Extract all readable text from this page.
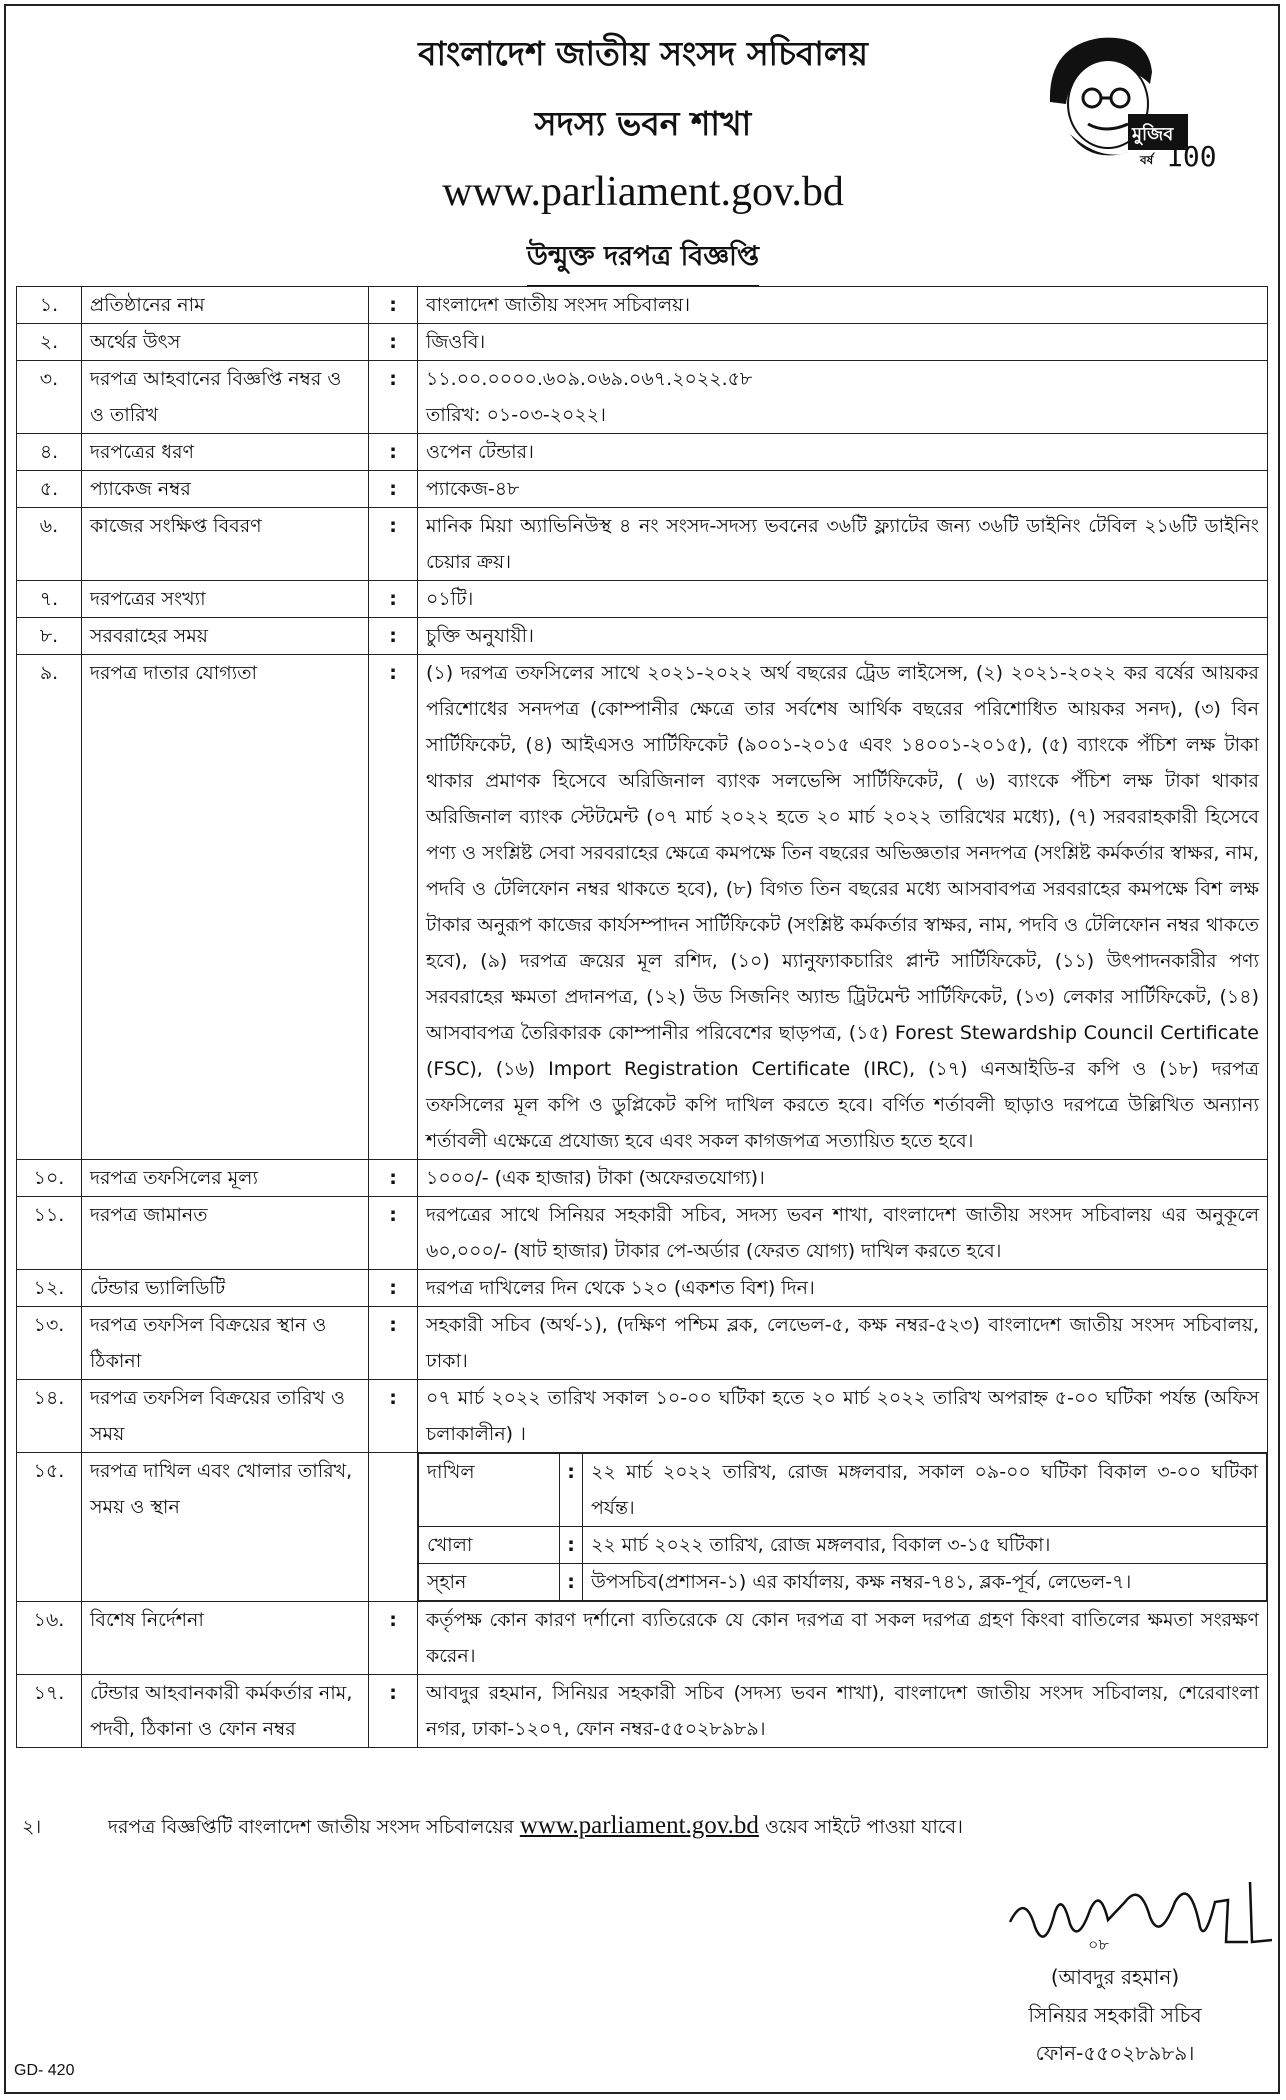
বাংলাদেশ জাতীয় সংসদ সচিবালয়
সদস্য ভবন শাখা
www.parliament.gov.bd
উন্মুক্ত দরপত্র বিজ্ঞপ্তি
মুজিব
বর্ষ 100
১.	প্রতিষ্ঠানের নাম	:	বাংলাদেশ জাতীয় সংসদ সচিবালয়।

২.	অর্থের উৎস	:	জিওবি।

৩.	দরপত্র আহবানের বিজ্ঞপ্তি নম্বর ও ও তারিখ	:	১১.০০.০০০০.৬০৯.০৬৯.০৬৭.২০২২.৫৮
তারিখ: ০১-০৩-২০২২।

৪.	দরপত্রের ধরণ	:	ওপেন টেন্ডার।

৫.	প্যাকেজ নম্বর	:	প্যাকেজ-৪৮

৬.	কাজের সংক্ষিপ্ত বিবরণ	:	মানিক মিয়া অ্যাভিনিউস্থ ৪ নং সংসদ-সদস্য ভবনের ৩৬টি ফ্ল্যাটের জন্য ৩৬টি ডাইনিং টেবিল ২১৬টি ডাইনিং চেয়ার ক্রয়।

৭.	দরপত্রের সংখ্যা	:	০১টি।

৮.	সরবরাহের সময়	:	চুক্তি অনুযায়ী।

৯.	দরপত্র দাতার যোগ্যতা	:	(১) দরপত্র তফসিলের সাথে ২০২১-২০২২ অর্থ বছরের ট্রেড লাইসেন্স, (২) ২০২১-২০২২ কর বর্ষের আয়কর পরিশোধের সনদপত্র (কোম্পানীর ক্ষেত্রে তার সর্বশেষ আর্থিক বছরের পরিশোধিত আয়কর সনদ), (৩) বিন সার্টিফিকেট, (৪) আইএসও সার্টিফিকেট (৯০০১-২০১৫ এবং ১৪০০১-২০১৫), (৫) ব্যাংকে পঁচিশ লক্ষ টাকা থাকার প্রমাণক হিসেবে অরিজিনাল ব্যাংক সলভেন্সি সার্টিফিকেট, ( ৬) ব্যাংকে পঁচিশ লক্ষ টাকা থাকার অরিজিনাল ব্যাংক স্টেটমেন্ট (০৭ মার্চ ২০২২ হতে ২০ মার্চ ২০২২ তারিখের মধ্যে), (৭) সরবরাহকারী হিসেবে পণ্য ও সংশ্লিষ্ট সেবা সরবরাহের ক্ষেত্রে কমপক্ষে তিন বছরের অভিজ্ঞতার সনদপত্র (সংশ্লিষ্ট কর্মকর্তার স্বাক্ষর, নাম, পদবি ও টেলিফোন নম্বর থাকতে হবে), (৮) বিগত তিন বছরের মধ্যে আসবাবপত্র সরবরাহের কমপক্ষে বিশ লক্ষ টাকার অনুরূপ কাজের কার্যসম্পাদন সার্টিফিকেট (সংশ্লিষ্ট কর্মকর্তার স্বাক্ষর, নাম, পদবি ও টেলিফোন নম্বর থাকতে হবে), (৯) দরপত্র ক্রয়ের মূল রশিদ, (১০) ম্যানুফ্যাকচারিং প্লান্ট সার্টিফিকেট, (১১) উৎপাদনকারীর পণ্য সরবরাহের ক্ষমতা প্রদানপত্র, (১২) উড সিজনিং অ্যান্ড ট্রিটমেন্ট সার্টিফিকেট, (১৩) লেকার সার্টিফিকেট, (১৪) আসবাবপত্র তৈরিকারক কোম্পানীর পরিবেশের ছাড়পত্র, (১৫) Forest Stewardship Council Certificate (FSC), (১৬) Import Registration Certificate (IRC), (১৭) এনআইডি-র কপি ও (১৮) দরপত্র তফসিলের মূল কপি ও ডুপ্লিকেট কপি দাখিল করতে হবে। বর্ণিত শর্তাবলী ছাড়াও দরপত্রে উল্লিখিত অন্যান্য শর্তাবলী এক্ষেত্রে প্রযোজ্য হবে এবং সকল কাগজপত্র সত্যায়িত হতে হবে।

১০.	দরপত্র তফসিলের মূল্য	:	১০০০/- (এক হাজার) টাকা (অফেরতযোগ্য)।

১১.	দরপত্র জামানত	:	দরপত্রের সাথে সিনিয়র সহকারী সচিব, সদস্য ভবন শাখা, বাংলাদেশ জাতীয় সংসদ সচিবালয় এর অনুকূলে ৬০,০০০/- (ষাট হাজার) টাকার পে-অর্ডার (ফেরত যোগ্য) দাখিল করতে হবে।

১২.	টেন্ডার ভ্যালিডিটি	:	দরপত্র দাখিলের দিন থেকে ১২০ (একশত বিশ) দিন।

১৩.	দরপত্র তফসিল বিক্রয়ের স্থান ও ঠিকানা	:	সহকারী সচিব (অর্থ-১), (দক্ষিণ পশ্চিম ব্লক, লেভেল-৫, কক্ষ নম্বর-৫২৩) বাংলাদেশ জাতীয় সংসদ সচিবালয়, ঢাকা।

১৪.	দরপত্র তফসিল বিক্রয়ের তারিখ ও সময়	:	০৭ মার্চ ২০২২ তারিখ সকাল ১০-০০ ঘটিকা হতে ২০ মার্চ ২০২২ তারিখ অপরাহ্ন ৫-০০ ঘটিকা পর্যন্ত (অফিস চলাকালীন) ।

১৫.	দরপত্র দাখিল এবং খোলার তারিখ, সময় ও স্থান		
দাখিল	:	২২ মার্চ ২০২২ তারিখ, রোজ মঙ্গলবার, সকাল ০৯-০০ ঘটিকা বিকাল ৩-০০ ঘটিকা পর্যন্ত।
খোলা	:	২২ মার্চ ২০২২ তারিখ, রোজ মঙ্গলবার, বিকাল ৩-১৫ ঘটিকা।
স্হান	:	উপসচিব(প্রশাসন-১) এর কার্যালয়, কক্ষ নম্বর-৭৪১, ব্লক-পূর্ব, লেভেল-৭।

১৬.	বিশেষ নির্দেশনা	:	কর্তৃপক্ষ কোন কারণ দর্শানো ব্যতিরেকে যে কোন দরপত্র বা সকল দরপত্র গ্রহণ কিংবা বাতিলের ক্ষমতা সংরক্ষণ করেন।

১৭.	টেন্ডার আহবানকারী কর্মকর্তার নাম, পদবী, ঠিকানা ও ফোন নম্বর	:	আবদুর রহমান, সিনিয়র সহকারী সচিব (সদস্য ভবন শাখা), বাংলাদেশ জাতীয় সংসদ সচিবালয়, শেরেবাংলা নগর, ঢাকা-১২০৭, ফোন নম্বর-৫৫০২৮৯৮৯।
২।	দরপত্র বিজ্ঞপ্তিটি বাংলাদেশ জাতীয় সংসদ সচিবালয়ের www.parliament.gov.bd ওয়েব সাইটে পাওয়া যাবে।
০৮
(আবদুর রহমান)
সিনিয়র সহকারী সচিব
ফোন-৫৫০২৮৯৮৯।
GD- 420
